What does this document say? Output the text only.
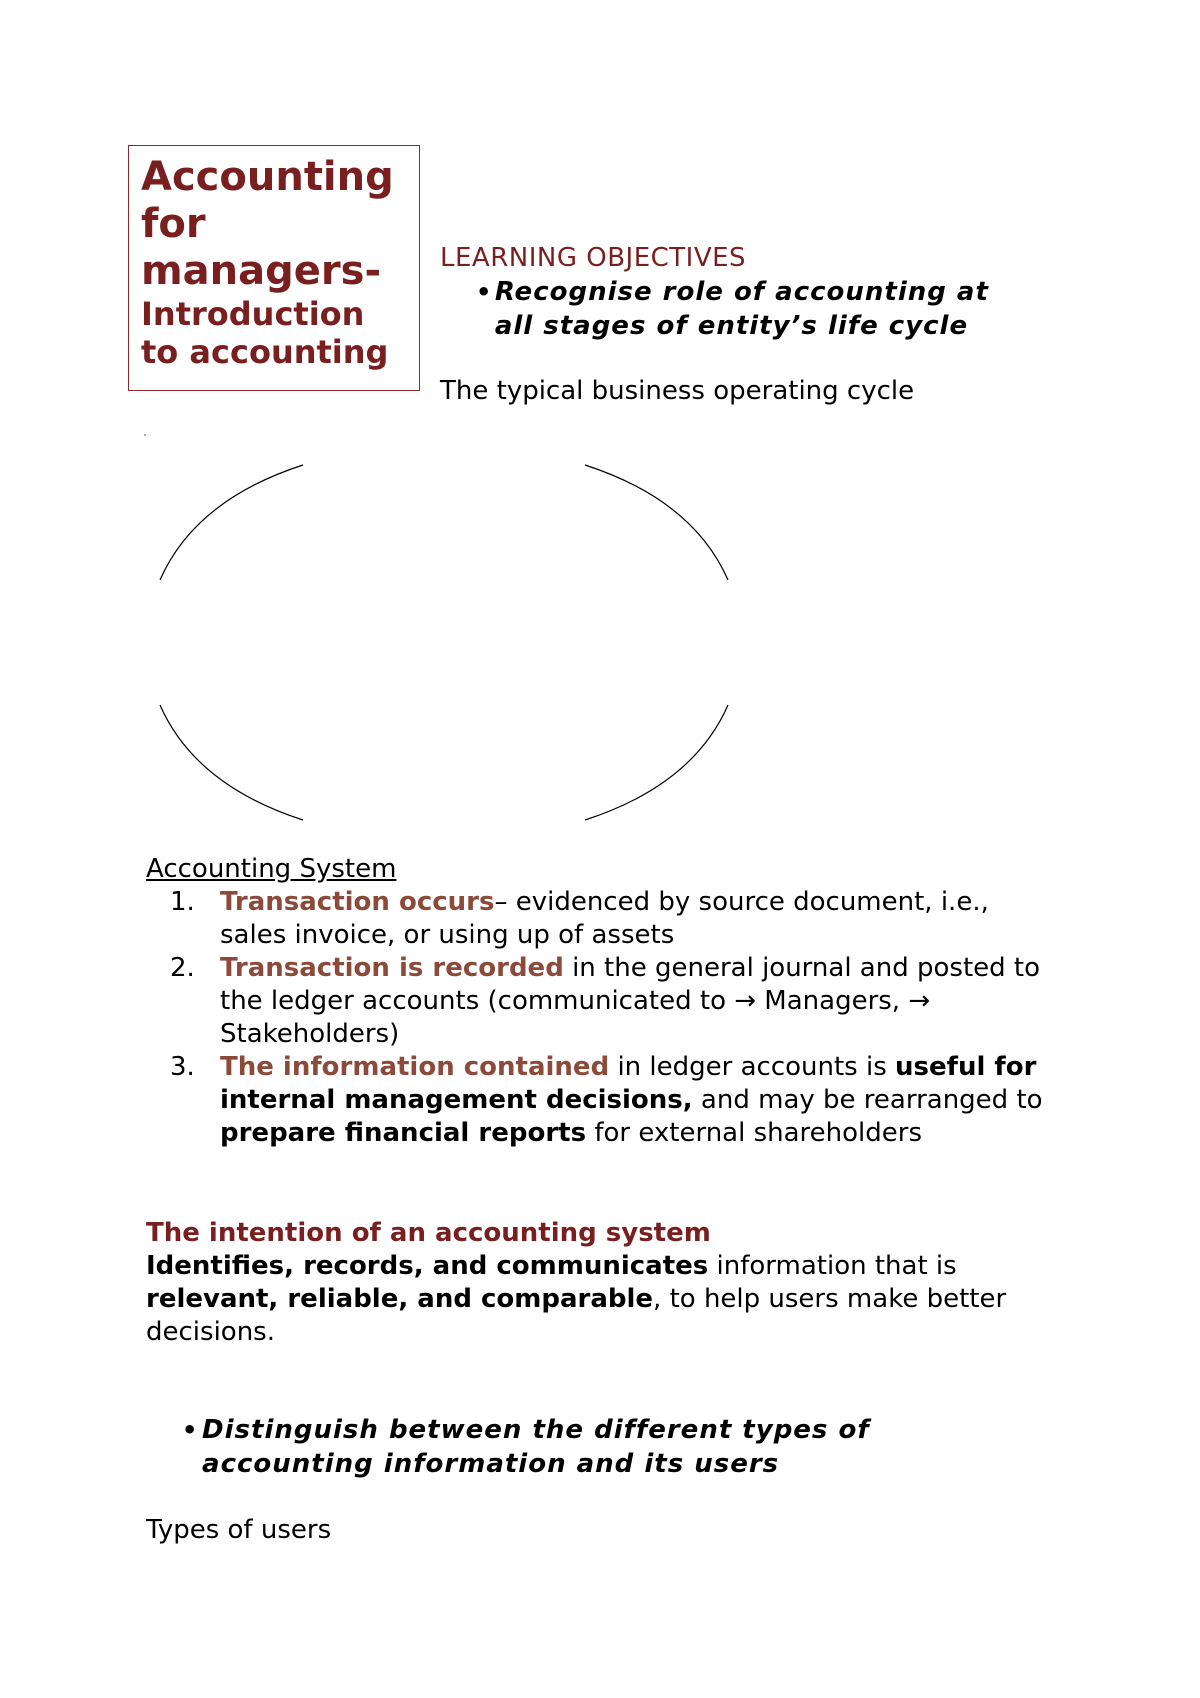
Accounting

for

managers-

Introduction

to accounting

LEARNING OBJECTIVES
• Recognise role of accounting at all stages of entity’s life cycle
The typical business operating cycle
Accounting System
1. Transaction occurs– evidenced by source document, i.e., sales invoice, or using up of assets
2. Transaction is recorded in the general journal and posted to the ledger accounts (communicated to → Managers, → Stakeholders)
3. The information contained in ledger accounts is useful for internal management decisions, and may be rearranged to prepare financial reports for external shareholders
The intention of an accounting system
Identifies, records, and communicates information that is relevant, reliable, and comparable, to help users make better decisions.
• Distinguish between the different types of accounting information and its users
Types of users
